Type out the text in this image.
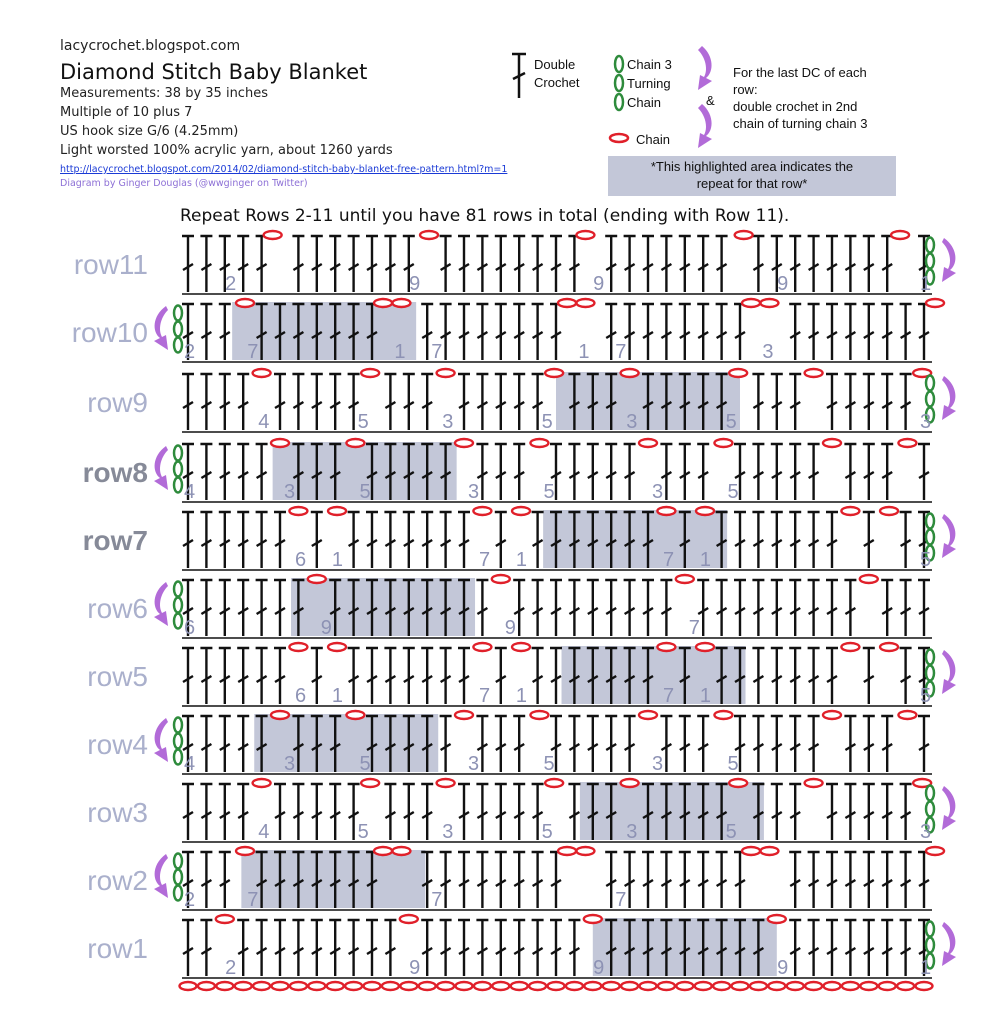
lacycrochet.blogspot.com
Diamond Stitch Baby Blanket
Measurements: 38 by 35 inches
Multiple of 10 plus 7
US hook size G/6 (4.25mm)
Light worsted 100% acrylic yarn, about 1260 yards
http://lacycrochet.blogspot.com/2014/02/diamond-stitch-baby-blanket-free-pattern.html?m=1
Diagram by Ginger Douglas (@wwginger on Twitter)
Double
Crochet
Chain 3
Turning
Chain
Chain
&
For the last DC of each
row:
double crochet in 2nd
chain of turning chain 3
*This highlighted area indicates the
repeat for that row*
Repeat Rows 2-11 until you have 81 rows in total (ending with Row 11).
row11
2	9	9	9	1
row10
7	1 7	1 7	3
2
row9
4	5	3	5	3	5	3
row8
3	5	3	5	3	5
4
row7
6 1	7 1	7 1	5
row6
9	9	7
6
row5
6 1	7 1	7 1	5
row4
3	5	3	5	3	5
4
row3
4	5	3	5	3	5	3
row2
7	7	7
2
row1
2	9	9	9	1
